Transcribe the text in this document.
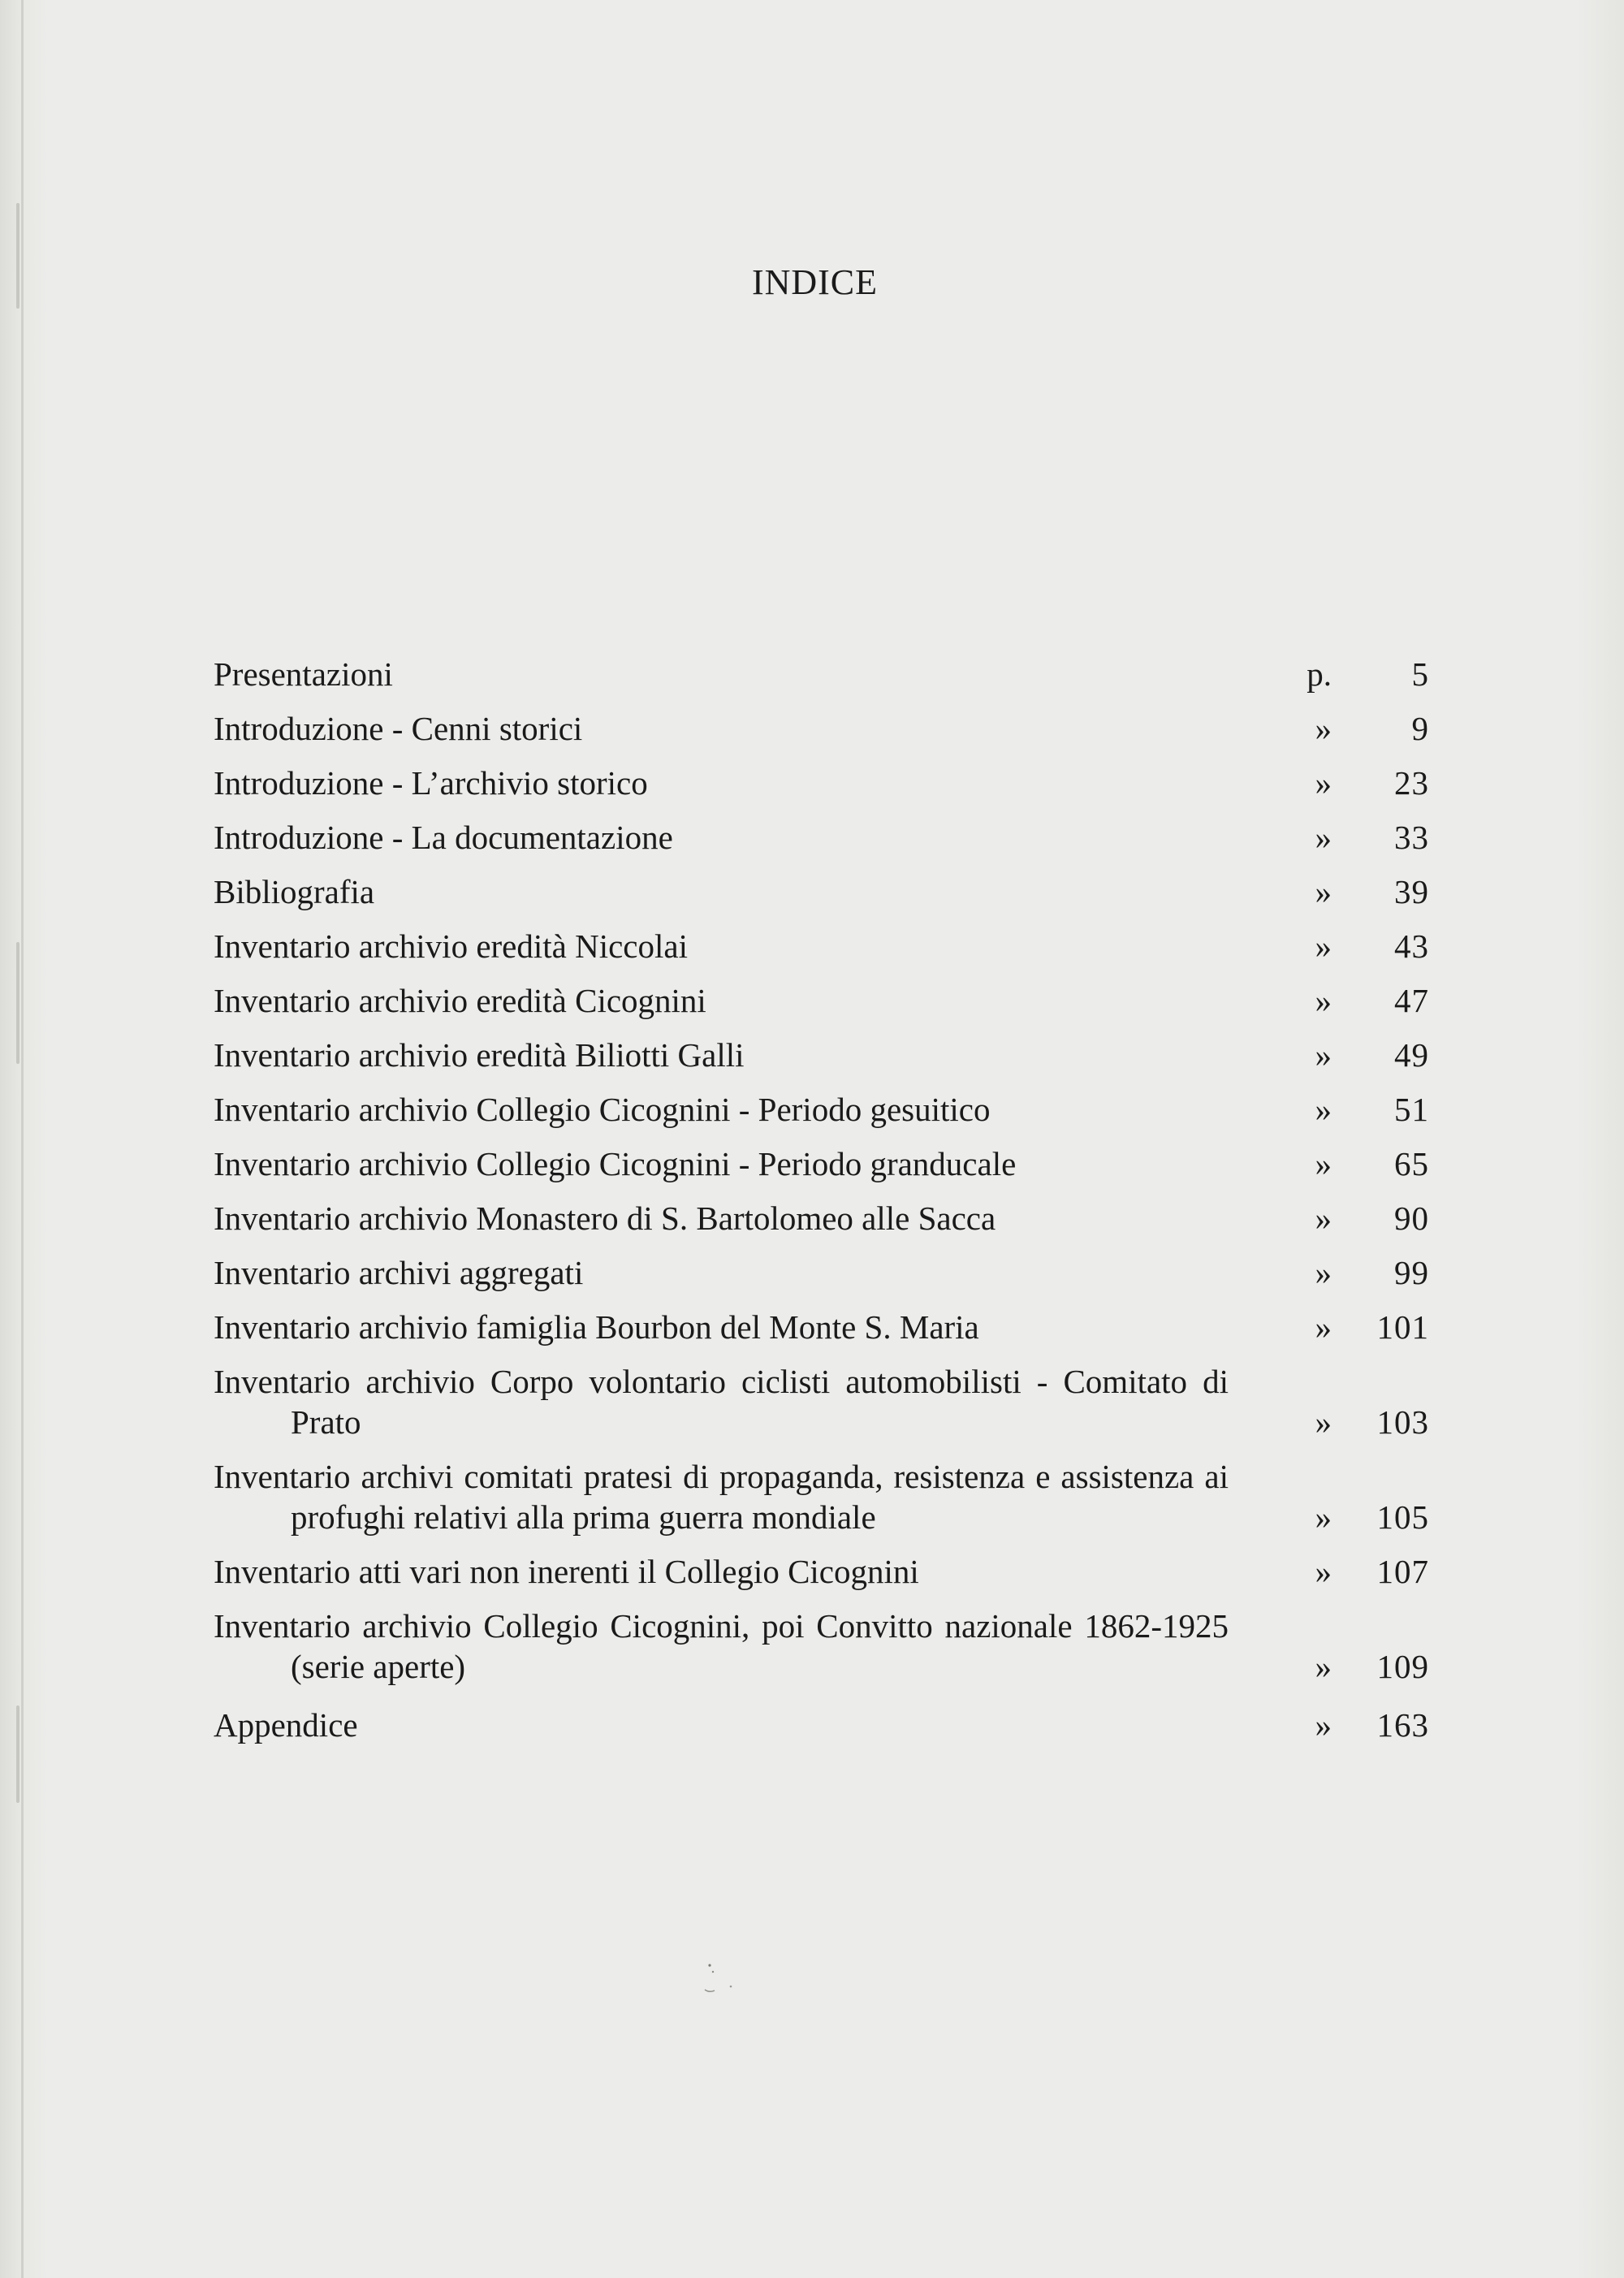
INDICE
Presentazioni	p.	5
Introduzione - Cenni storici	»	9
Introduzione - L’archivio storico	»	23
Introduzione - La documentazione	»	33
Bibliografia	»	39
Inventario archivio eredità Niccolai	»	43
Inventario archivio eredità Cicognini	»	47
Inventario archivio eredità Biliotti Galli	»	49
Inventario archivio Collegio Cicognini - Periodo gesuitico	»	51
Inventario archivio Collegio Cicognini - Periodo granducale	»	65
Inventario archivio Monastero di S. Bartolomeo alle Sacca	»	90
Inventario archivi aggregati	»	99
Inventario archivio famiglia Bourbon del Monte S. Maria	»	101
Inventario archivio Corpo volontario ciclisti automobilisti - Comitato di Prato	»	103
Inventario archivi comitati pratesi di propaganda, resistenza e assistenza ai profughi relativi alla prima guerra mondiale	»	105
Inventario atti vari non inerenti il Collegio Cicognini	»	107
Inventario archivio Collegio Cicognini, poi Convitto nazionale 1862-1925 (serie aperte)	»	109
Appendice	»	163
